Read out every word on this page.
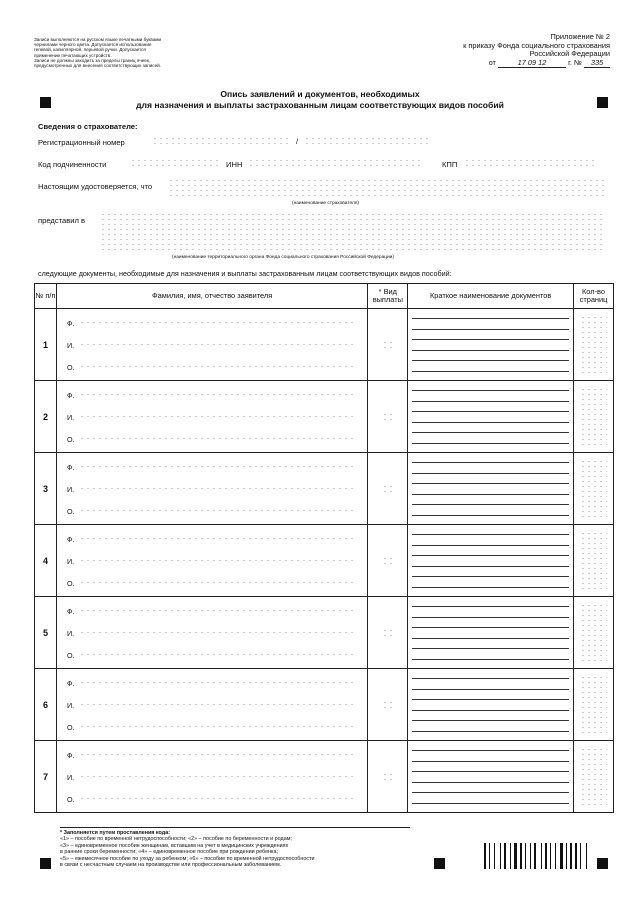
Записи выполняются на русском языке печатными буквами
чернилами черного цвета. Допускается использование
гелевой, капиллярной, перьевой ручки. Допускается
применение печатающих устройств.
Записи не должны заходить за пределы границ ячеек,
предусмотренных для внесения соответствующих записей.
Приложение № 2
к приказу Фонда социального страхования
Российской Федерации
от	17 09 12	г. № 335
Опись заявлений и документов, необходимых
для назначения и выплаты застрахованным лицам соответствующих видов пособий
Сведения о страхователе:
Регистрационный номер	/
Код подчиненности	ИНН	КПП
Настоящим удостоверяется, что
(наименование страхователя)
представил в
(наименование территориального органа Фонда социального страхования Российской Федерации)
следующие документы, необходимые для назначения и выплаты застрахованным лицам соответствующих видов пособий:
№ п/п	Фамилия, имя, отчество заявителя	* Вид выплаты	Краткое наименование документов	Кол-во страниц
1	Ф.
И.
О.			

2	Ф.
И.
О.			

3	Ф.
И.
О.			

4	Ф.
И.
О.			

5	Ф.
И.
О.			

6	Ф.
И.
О.			

7	Ф.
И.
О.			

* Заполняется путем проставления кода:
«1» – пособие по временной нетрудоспособности; «2» – пособие по беременности и родам;
«3» – единовременное пособие женщинам, вставшим на учет в медицинских учреждениях
в ранние сроки беременности; «4» – единовременное пособие при рождении ребенка;
«5» – ежемесячное пособие по уходу за ребенком; «6» – пособие по временной нетрудоспособности
в связи с несчастным случаем на производстве или профессиональным заболеванием.
